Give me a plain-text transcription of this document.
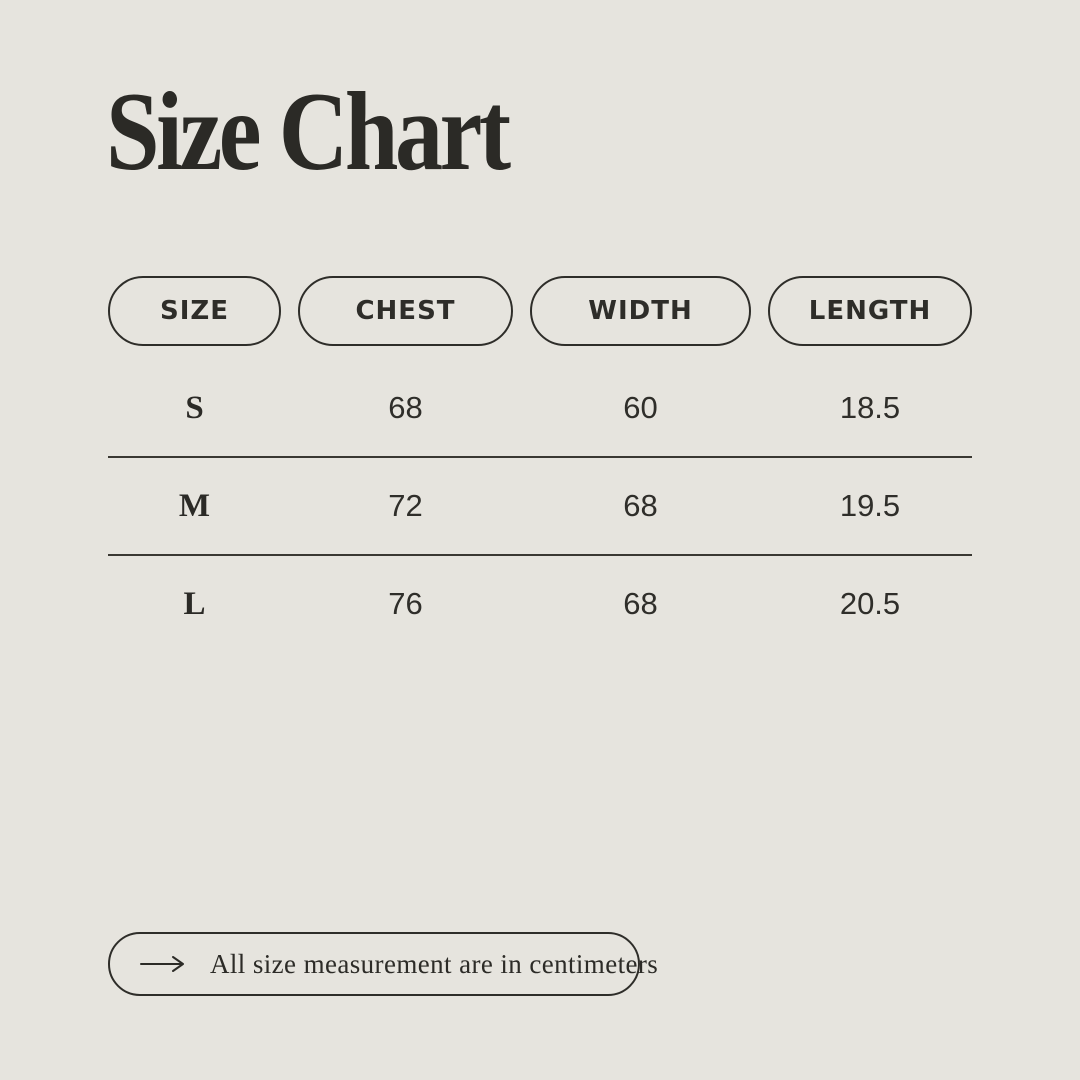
Size Chart
SIZE	CHEST	WIDTH	LENGTH
S	68	60	18.5
M	72	68	19.5
L	76	68	20.5
All size measurement are in centimeters
